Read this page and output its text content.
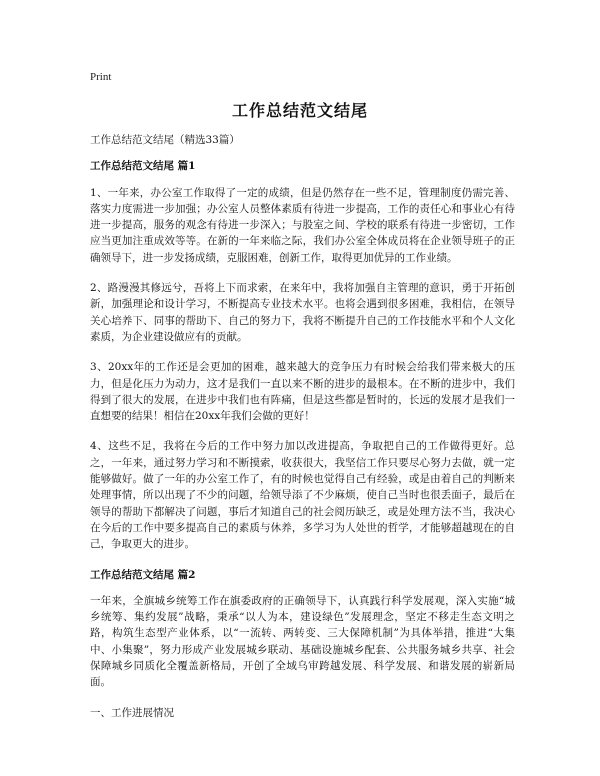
Print
工作总结范文结尾

工作总结范文结尾（精选33篇）

工作总结范文结尾 篇1

1、一年来，办公室工作取得了一定的成绩，但是仍然存在一些不足，管理制度仍需完善、落实力度需进一步加强；办公室人员整体素质有待进一步提高，工作的责任心和事业心有待进一步提高，服务的观念有待进一步深入；与股室之间、学校的联系有待进一步密切，工作应当更加注重成效等等。在新的一年来临之际，我们办公室全体成员将在企业领导班子的正确领导下，进一步发扬成绩，克服困难，创新工作，取得更加优异的工作业绩。

2、路漫漫其修远兮，吾将上下而求索，在来年中，我将加强自主管理的意识，勇于开拓创新，加强理论和设计学习，不断提高专业技术水平。也将会遇到很多困难，我相信，在领导关心培养下、同事的帮助下、自己的努力下，我将不断提升自己的工作技能水平和个人文化素质，为企业建设做应有的贡献。

3、20xx年的工作还是会更加的困难，越来越大的竞争压力有时候会给我们带来极大的压力，但是化压力为动力，这才是我们一直以来不断的进步的最根本。在不断的进步中，我们得到了很大的发展，在进步中我们也有阵痛，但是这些都是暂时的，长远的发展才是我们一直想要的结果！相信在20xx年我们会做的更好！

4、这些不足，我将在今后的工作中努力加以改进提高，争取把自己的工作做得更好。总之，一年来，通过努力学习和不断摸索，收获很大，我坚信工作只要尽心努力去做，就一定能够做好。做了一年的办公室工作了，有的时候也觉得自己有经验，或是由着自己的判断来处理事情，所以出现了不少的问题，给领导添了不少麻烦，使自己当时也很丢面子，最后在领导的帮助下都解决了问题，事后才知道自己的社会阅历缺乏，或是处理方法不当，我决心在今后的工作中要多提高自己的素质与休养，多学习为人处世的哲学，才能够超越现在的自己，争取更大的进步。

工作总结范文结尾 篇2

一年来，全旗城乡统筹工作在旗委政府的正确领导下，认真践行科学发展观，深入实施“城乡统筹、集约发展”战略，秉承“以人为本，建设绿色”发展理念，坚定不移走生态文明之路，构筑生态型产业体系，以“一流转、两转变、三大保障机制”为具体举措，推进“大集中、小集聚”，努力形成产业发展城乡联动、基础设施城乡配套、公共服务城乡共享、社会保障城乡同质化全覆盖新格局，开创了全域乌审跨越发展、科学发展、和谐发展的崭新局面。

一、工作进展情况
